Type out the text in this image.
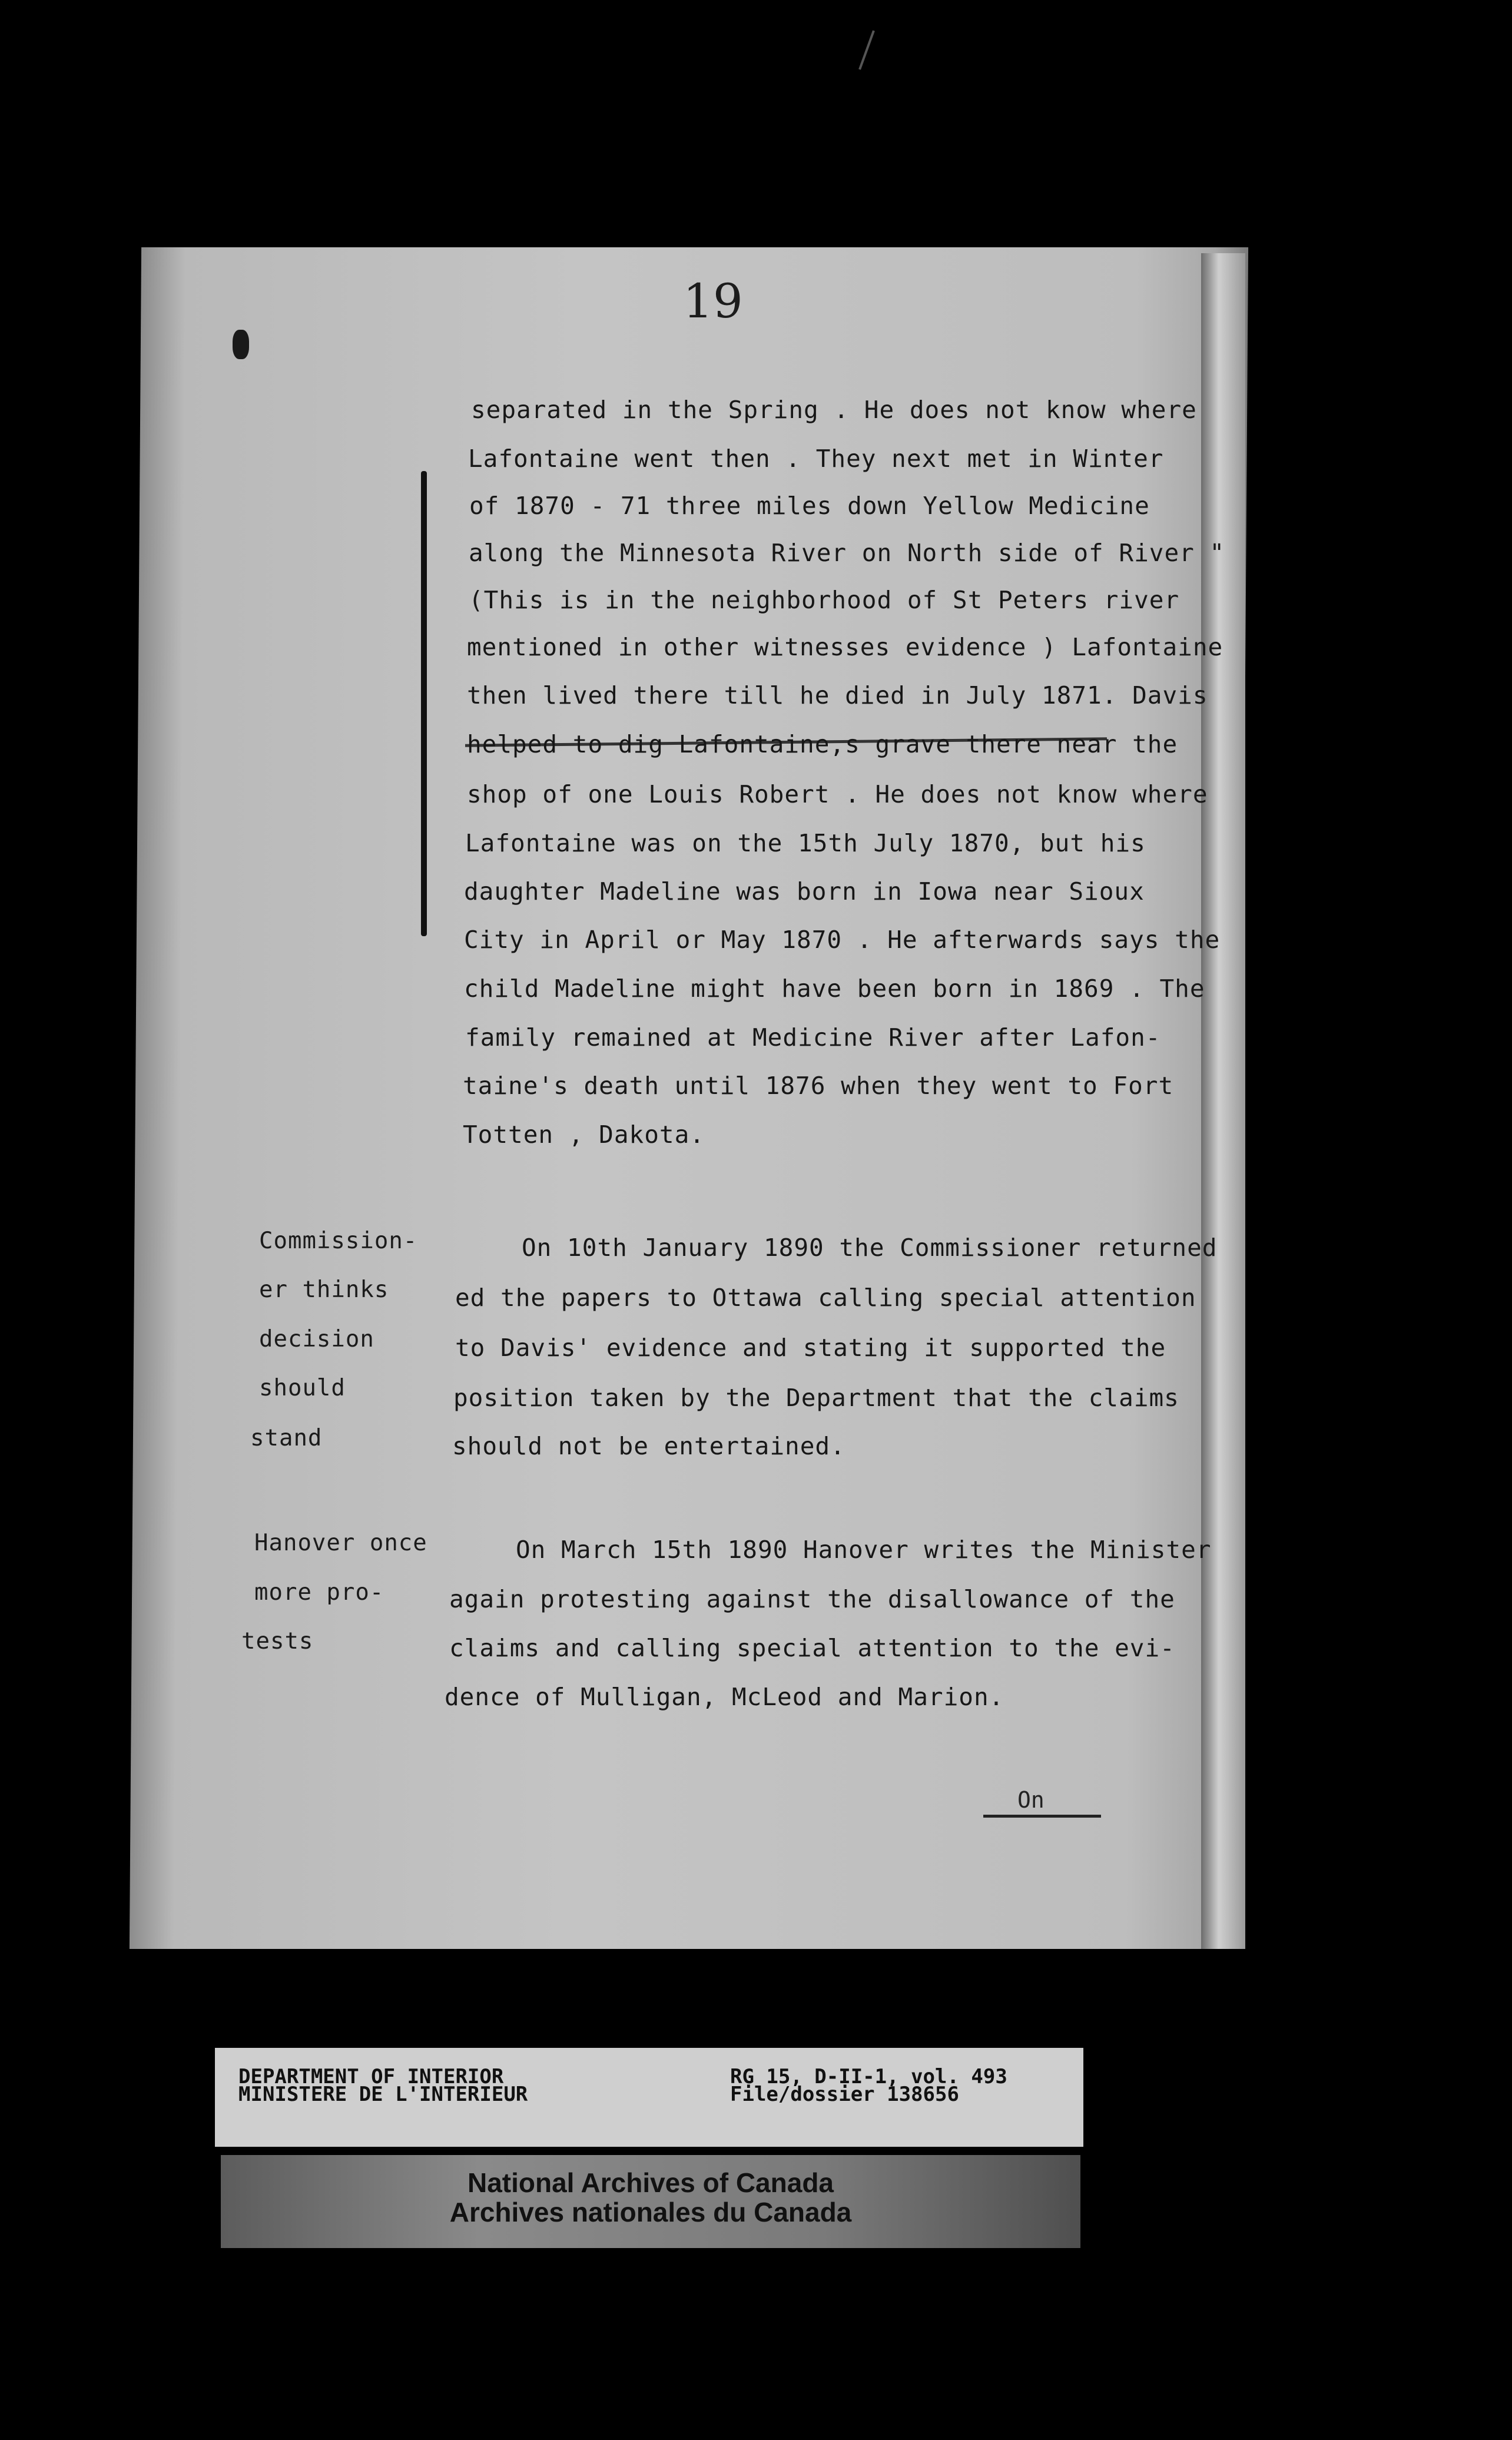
19
separated in the Spring . He does not know where
Lafontaine went then . They next met in Winter
of 1870 - 71 three miles down Yellow Medicine
along the Minnesota River on North side of River "
(This is in the neighborhood of St Peters river
mentioned in other witnesses evidence ) Lafontaine
then lived there till he died in July 1871. Davis
helped to dig Lafontaine,s grave there near the
shop of one Louis Robert . He does not know where
Lafontaine was on the 15th July 1870, but his
daughter Madeline was born in Iowa near Sioux
City in April or May 1870 . He afterwards says the
child Madeline might have been born in 1869 . The
family remained at Medicine River after Lafon-
taine's death until 1876 when they went to Fort
Totten , Dakota.
Commission-
er thinks
decision
should
stand
On 10th January 1890 the Commissioner returned
ed the papers to Ottawa calling special attention
to Davis' evidence and stating it supported the
position taken by the Department that the claims
should not be entertained.
Hanover once
more pro-
tests
On March 15th 1890 Hanover writes the Minister
again protesting against the disallowance of the
claims and calling special attention to the evi-
dence of Mulligan, McLeod and Marion.
On
DEPARTMENT OF INTERIOR
MINISTERE DE L'INTERIEUR
RG 15, D-II-1, vol. 493
File/dossier 138656
National Archives of Canada
Archives nationales du Canada
